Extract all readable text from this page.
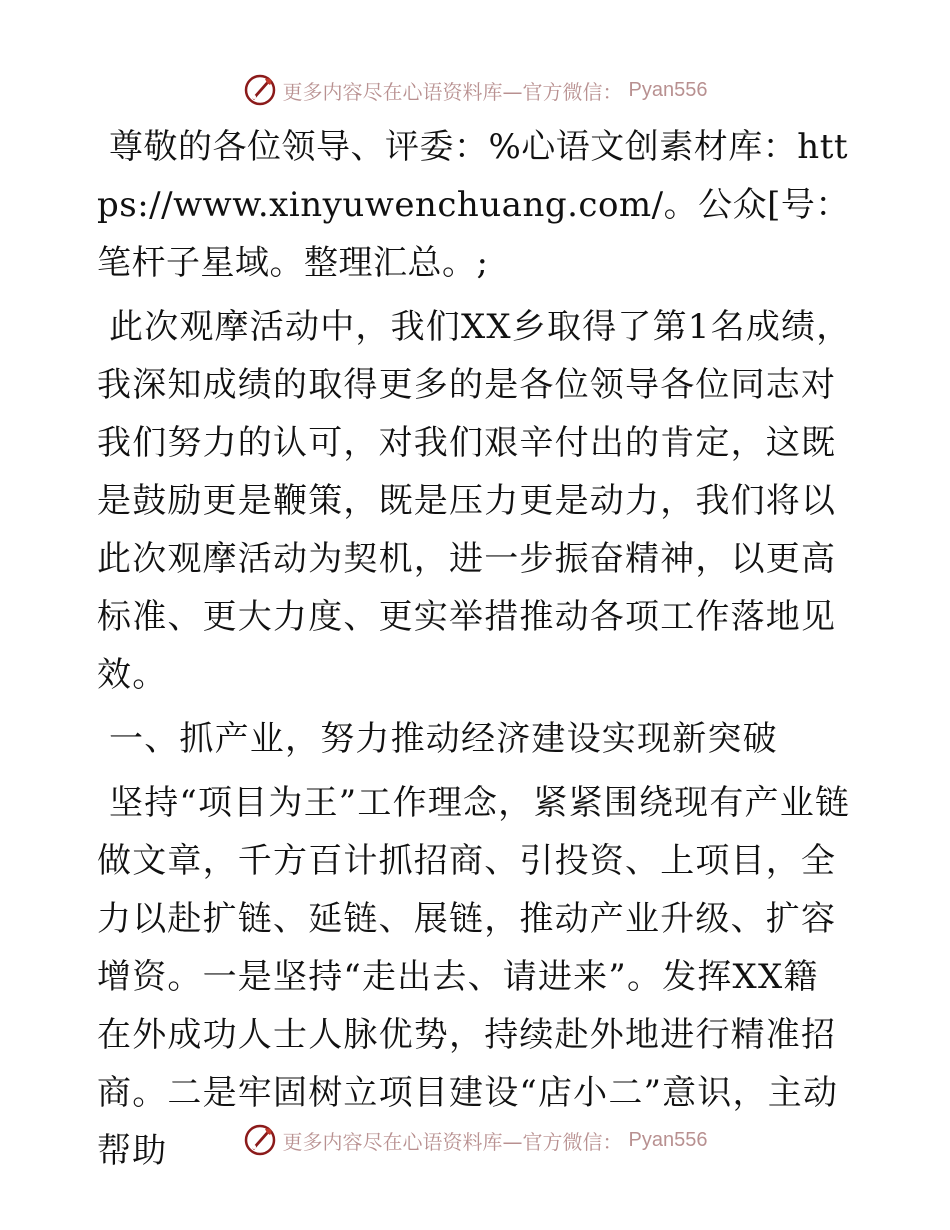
更多内容尽在心语资料库—官方微信： Pyan556

尊敬的各位领导、评委：%心语文创素材库：https://www.xinyuwenchuang.com/。公众[号：笔杆子星域。整理汇总。;

此次观摩活动中，我们XX乡取得了第1名成绩，我深知成绩的取得更多的是各位领导各位同志对我们努力的认可，对我们艰辛付出的肯定，这既是鼓励更是鞭策，既是压力更是动力，我们将以此次观摩活动为契机，进一步振奋精神，以更高标准、更大力度、更实举措推动各项工作落地见效。

一、抓产业，努力推动经济建设实现新突破

坚持“项目为王”工作理念，紧紧围绕现有产业链做文章，千方百计抓招商、引投资、上项目，全力以赴扩链、延链、展链，推动产业升级、扩容增资。一是坚持“走出去、请进来”。发挥XX籍在外成功人士人脉优势，持续赴外地进行精准招商。二是牢固树立项目建设“店小二”意识，主动帮助	更多内容尽在心语资料库—官方微信： Pyan556
